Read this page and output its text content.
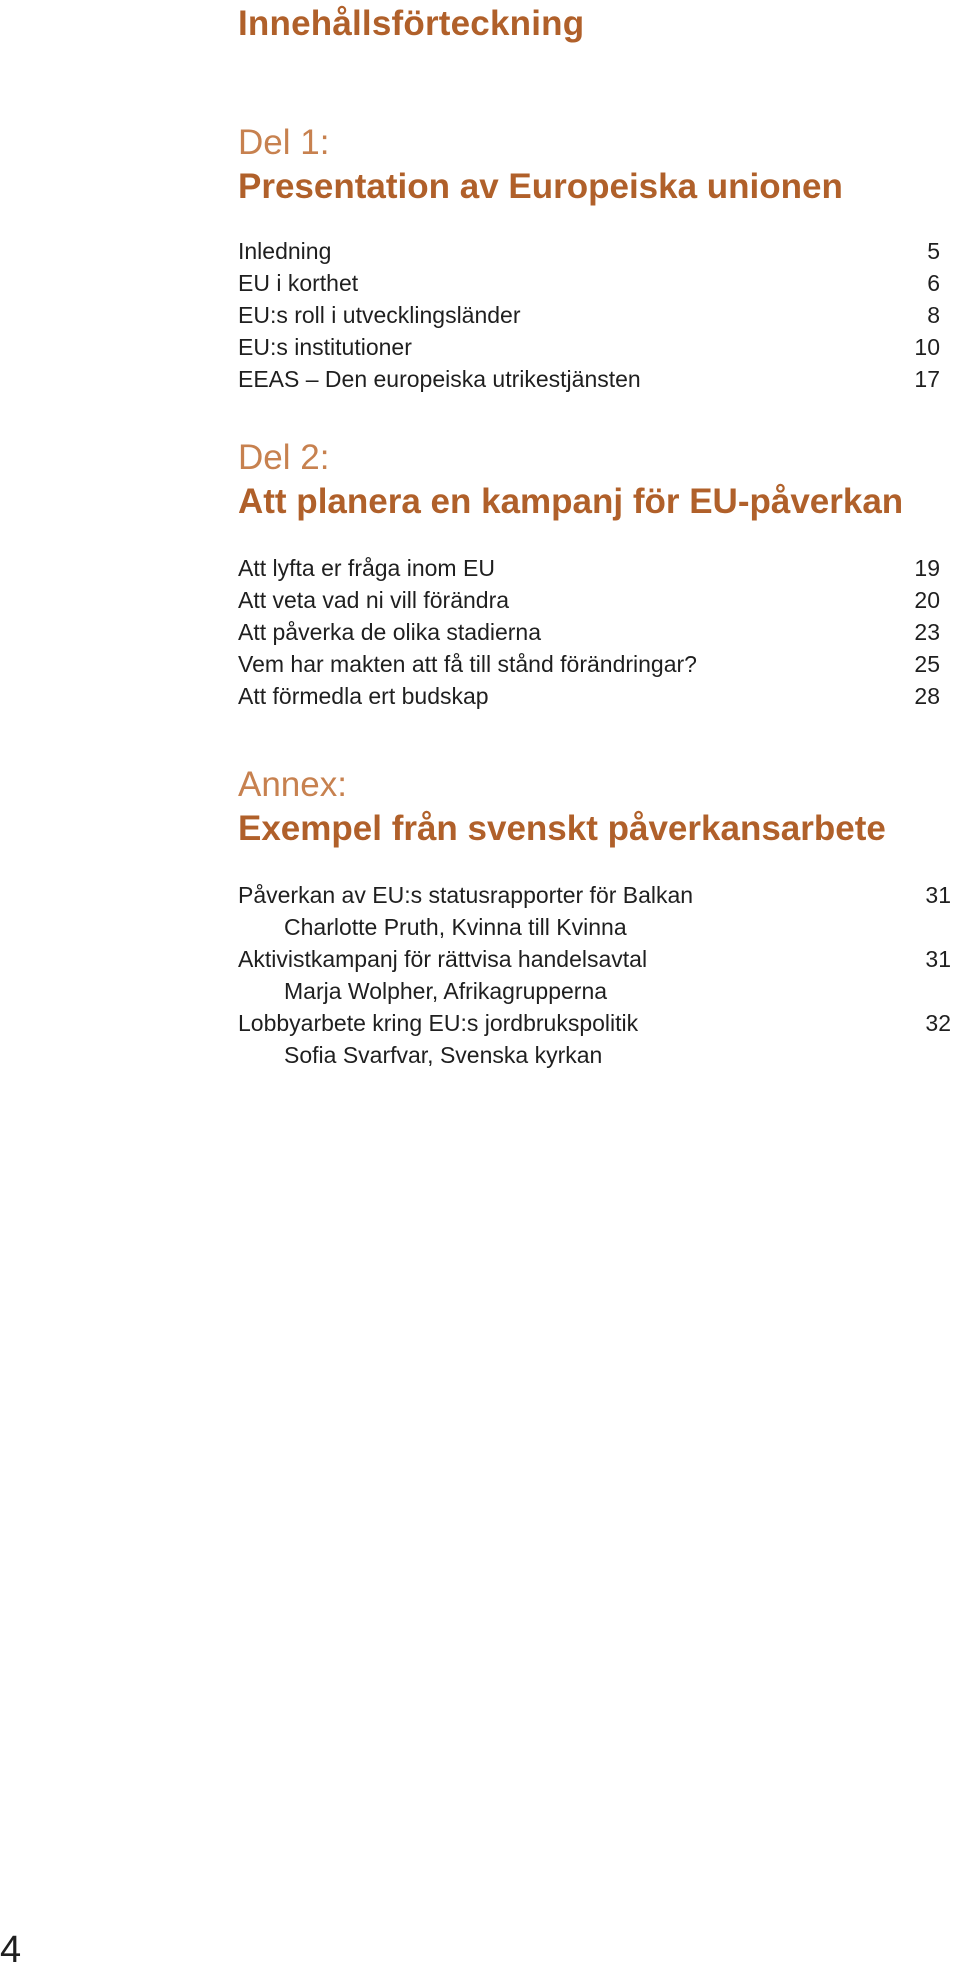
Innehållsförteckning
Del 1:
Presentation av Europeiska unionen
Inledning	5
EU i korthet	6
EU:s roll i utvecklingsländer	8
EU:s institutioner	10
EEAS – Den europeiska utrikestjänsten	17
Del 2:
Att planera en kampanj för EU-påverkan
Att lyfta er fråga inom EU	19
Att veta vad ni vill förändra	20
Att påverka de olika stadierna	23
Vem har makten att få till stånd förändringar?	25
Att förmedla ert budskap	28
Annex:
Exempel från svenskt påverkansarbete
Påverkan av EU:s statusrapporter för Balkan	31
Charlotte Pruth, Kvinna till Kvinna
Aktivistkampanj för rättvisa handelsavtal	31
Marja Wolpher, Afrikagrupperna
Lobbyarbete kring EU:s jordbrukspolitik	32
Sofia Svarfvar, Svenska kyrkan
4
